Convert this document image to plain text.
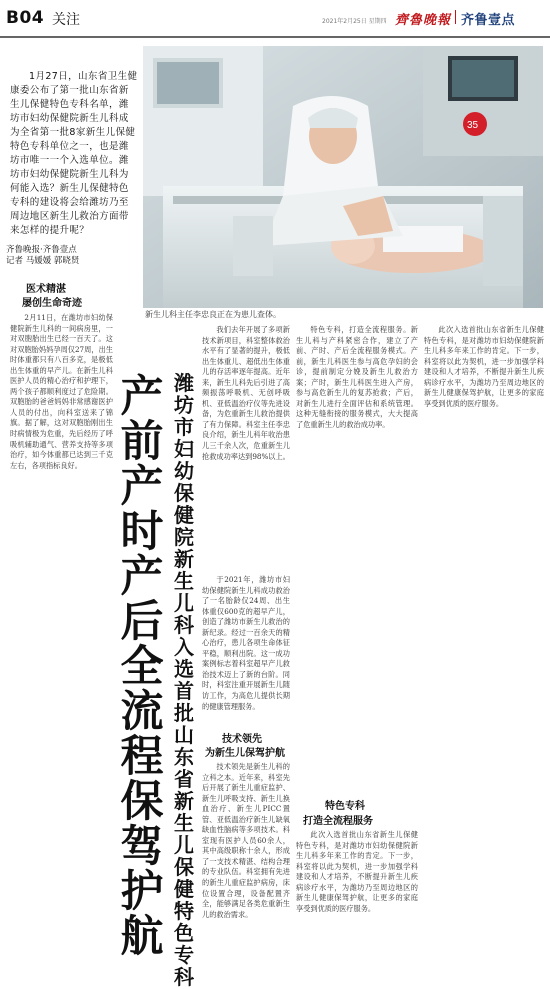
B04 关注	2021年2月25日 星期四 齊魯晚報 齐鲁壹点
35
新生儿科主任李忠良正在为患儿查体。

1月27日，山东省卫生健康委公布了第一批山东省新生儿保健特色专科名单，潍坊市妇幼保健院新生儿科成为全省第一批8家新生儿保健特色专科单位之一，也是潍坊市唯一一个入选单位。潍坊市妇幼保健院新生儿科为何能入选？新生儿保健特色专科的建设将会给潍坊乃至周边地区新生儿救治方面带来怎样的提升呢？

齐鲁晚报·齐鲁壹点
记者 马媛媛 郭晓贤
医术精湛
屡创生命奇迹

2月11日，在潍坊市妇幼保健院新生儿科的一间病房里，一对双胞胎出生已经一百天了。这对双胞胎妈妈孕周仅27周，出生时体重都只有八百多克，是极低出生体重的早产儿。在新生儿科医护人员的精心治疗和护理下，两个孩子都顺利度过了危险期。双胞胎的爸爸妈妈非常感谢医护人员的付出，向科室送来了锦旗。据了解，这对双胞胎刚出生时病情极为危重，先后经历了呼吸机辅助通气、营养支持等多项治疗，如今体重都已达到三千克左右，各项指标良好。

产前产时产后全流程保驾护航
潍坊市妇幼保健院新生儿科入选首批山东省新生儿保健特色专科

我们去年开展了多项新技术新项目，科室整体救治水平有了显著的提升，极低出生体重儿、超低出生体重儿的存活率逐年提高。近年来，新生儿科先后引进了高频振荡呼吸机、无创呼吸机、亚低温治疗仪等先进设备，为危重新生儿救治提供了有力保障。科室主任李忠良介绍，新生儿科年收治患儿三千余人次，危重新生儿抢救成功率达到98%以上。

于2021年，潍坊市妇幼保健院新生儿科成功救治了一名胎龄仅24周、出生体重仅600克的超早产儿，创造了潍坊市新生儿救治的新纪录。经过一百余天的精心治疗，患儿各项生命体征平稳，顺利出院。这一成功案例标志着科室超早产儿救治技术迈上了新的台阶。同时，科室注重开展新生儿随访工作，为高危儿提供长期的健康管理服务。

技术领先
为新生儿保驾护航

技术领先是新生儿科的立科之本。近年来，科室先后开展了新生儿重症监护、新生儿呼吸支持、新生儿换血治疗、新生儿PICC置管、亚低温治疗新生儿缺氧缺血性脑病等多项技术。科室现有医护人员60余人，其中高级职称十余人，形成了一支技术精湛、结构合理的专业队伍。科室拥有先进的新生儿重症监护病房，床位设置合理，设备配置齐全，能够满足各类危重新生儿的救治需求。

特色专科，打造全流程服务。新生儿科与产科紧密合作，建立了产前、产时、产后全流程服务模式。产前，新生儿科医生参与高危孕妇的会诊，提前制定分娩及新生儿救治方案；产时，新生儿科医生进入产房，参与高危新生儿的复苏抢救；产后，对新生儿进行全面评估和系统管理。这种无缝衔接的服务模式，大大提高了危重新生儿的救治成功率。

特色专科
打造全流程服务

此次入选首批山东省新生儿保健特色专科，是对潍坊市妇幼保健院新生儿科多年来工作的肯定。下一步，科室将以此为契机，进一步加强学科建设和人才培养，不断提升新生儿疾病诊疗水平，为潍坊乃至周边地区的新生儿健康保驾护航，让更多的家庭享受到优质的医疗服务。

此次入选首批山东省新生儿保健特色专科，是对潍坊市妇幼保健院新生儿科多年来工作的肯定。下一步，科室将以此为契机，进一步加强学科建设和人才培养，不断提升新生儿疾病诊疗水平，为潍坊乃至周边地区的新生儿健康保驾护航，让更多的家庭享受到优质的医疗服务。
